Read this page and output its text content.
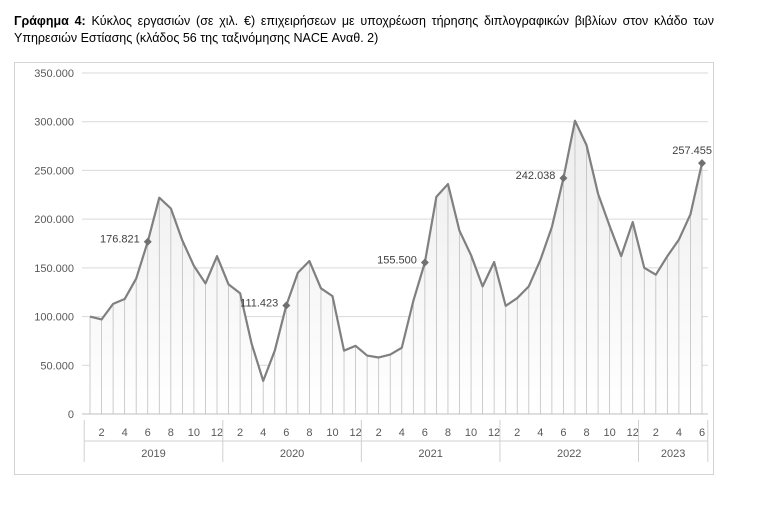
Γράφημα 4: Κύκλος εργασιών (σε χιλ. €) επιχειρήσεων με υποχρέωση τήρησης διπλογραφικών βιβλίων στον κλάδο των Υπηρεσιών Εστίασης (κλάδος 56 της ταξινόμησης NACE Αναθ. 2)
0
50.000
100.000
150.000
200.000
250.000
300.000
350.000
176.821
111.423
155.500
242.038
257.455
2 4 6 8 10 12
2019
2 4 6 8 10 12
2020
2 4 6 8 10 12
2021
2 4 6 8 10 12
2022
2 4 6
2023
